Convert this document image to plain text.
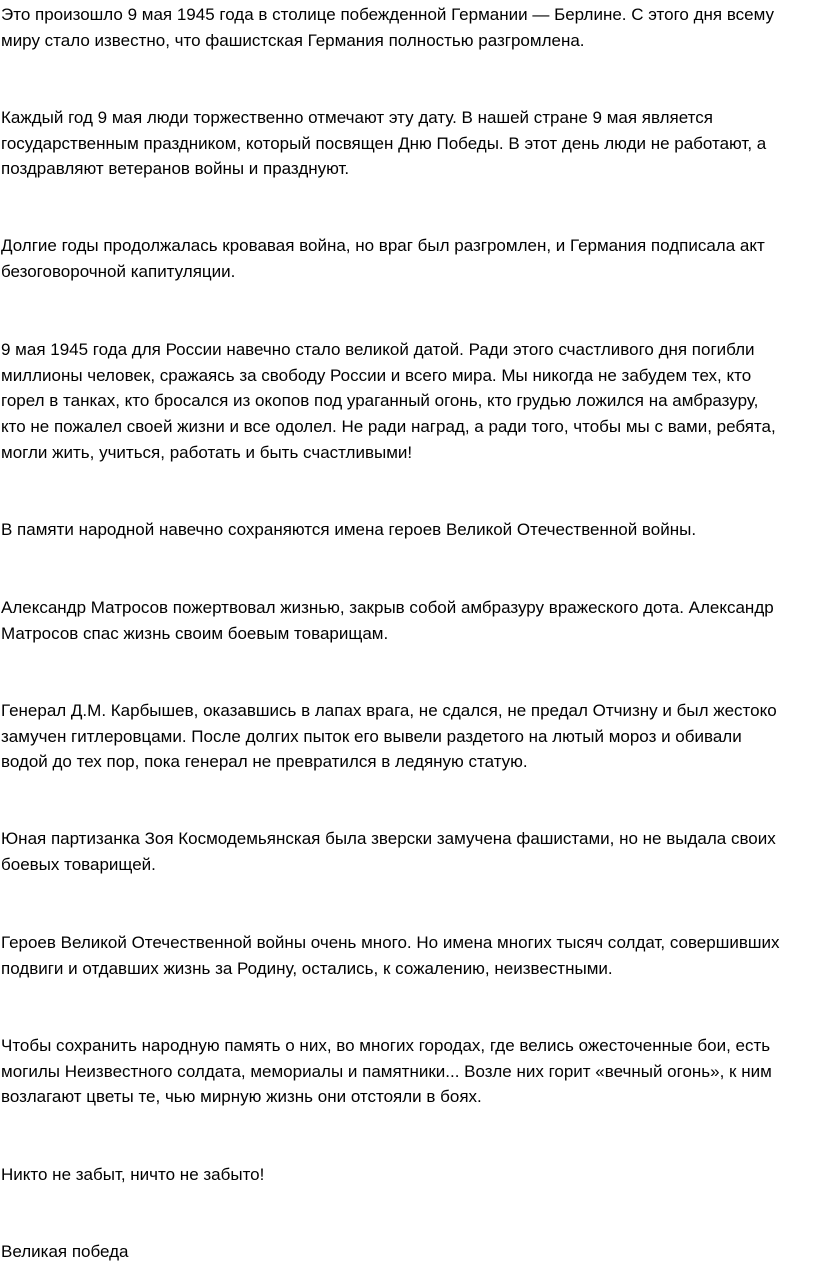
Это произошло 9 мая 1945 года в столице побежденной Германии — Берлине. С этого дня всему
миру стало известно, что фашистская Германия полностью разгромлена.

Каждый год 9 мая люди торжественно отмечают эту дату. В нашей стране 9 мая является
государственным праздником, который посвящен Дню Победы. В этот день люди не работают, а
поздравляют ветеранов войны и празднуют.

Долгие годы продолжалась кровавая война, но враг был разгромлен, и Германия подписала акт
безоговорочной капитуляции.

9 мая 1945 года для России навечно стало великой датой. Ради этого счастливого дня погибли
миллионы человек, сражаясь за свободу России и всего мира. Мы никогда не забудем тех, кто
горел в танках, кто бросался из окопов под ураганный огонь, кто грудью ложился на амбразуру,
кто не пожалел своей жизни и все одолел. Не ради наград, а ради того, чтобы мы с вами, ребята,
могли жить, учиться, работать и быть счастливыми!

В памяти народной навечно сохраняются имена героев Великой Отечественной войны.

Александр Матросов пожертвовал жизнью, закрыв собой амбразуру вражеского дота. Александр
Матросов спас жизнь своим боевым товарищам.

Генерал Д.М. Карбышев, оказавшись в лапах врага, не сдался, не предал Отчизну и был жестоко
замучен гитлеровцами. После долгих пыток его вывели раздетого на лютый мороз и обивали
водой до тех пор, пока генерал не превратился в ледяную статую.

Юная партизанка Зоя Космодемьянская была зверски замучена фашистами, но не выдала своих
боевых товарищей.

Героев Великой Отечественной войны очень много. Но имена многих тысяч солдат, совершивших
подвиги и отдавших жизнь за Родину, остались, к сожалению, неизвестными.

Чтобы сохранить народную память о них, во многих городах, где велись ожесточенные бои, есть
могилы Неизвестного солдата, мемориалы и памятники... Возле них горит «вечный огонь», к ним
возлагают цветы те, чью мирную жизнь они отстояли в боях.

Никто не забыт, ничто не забыто!

Великая победа
